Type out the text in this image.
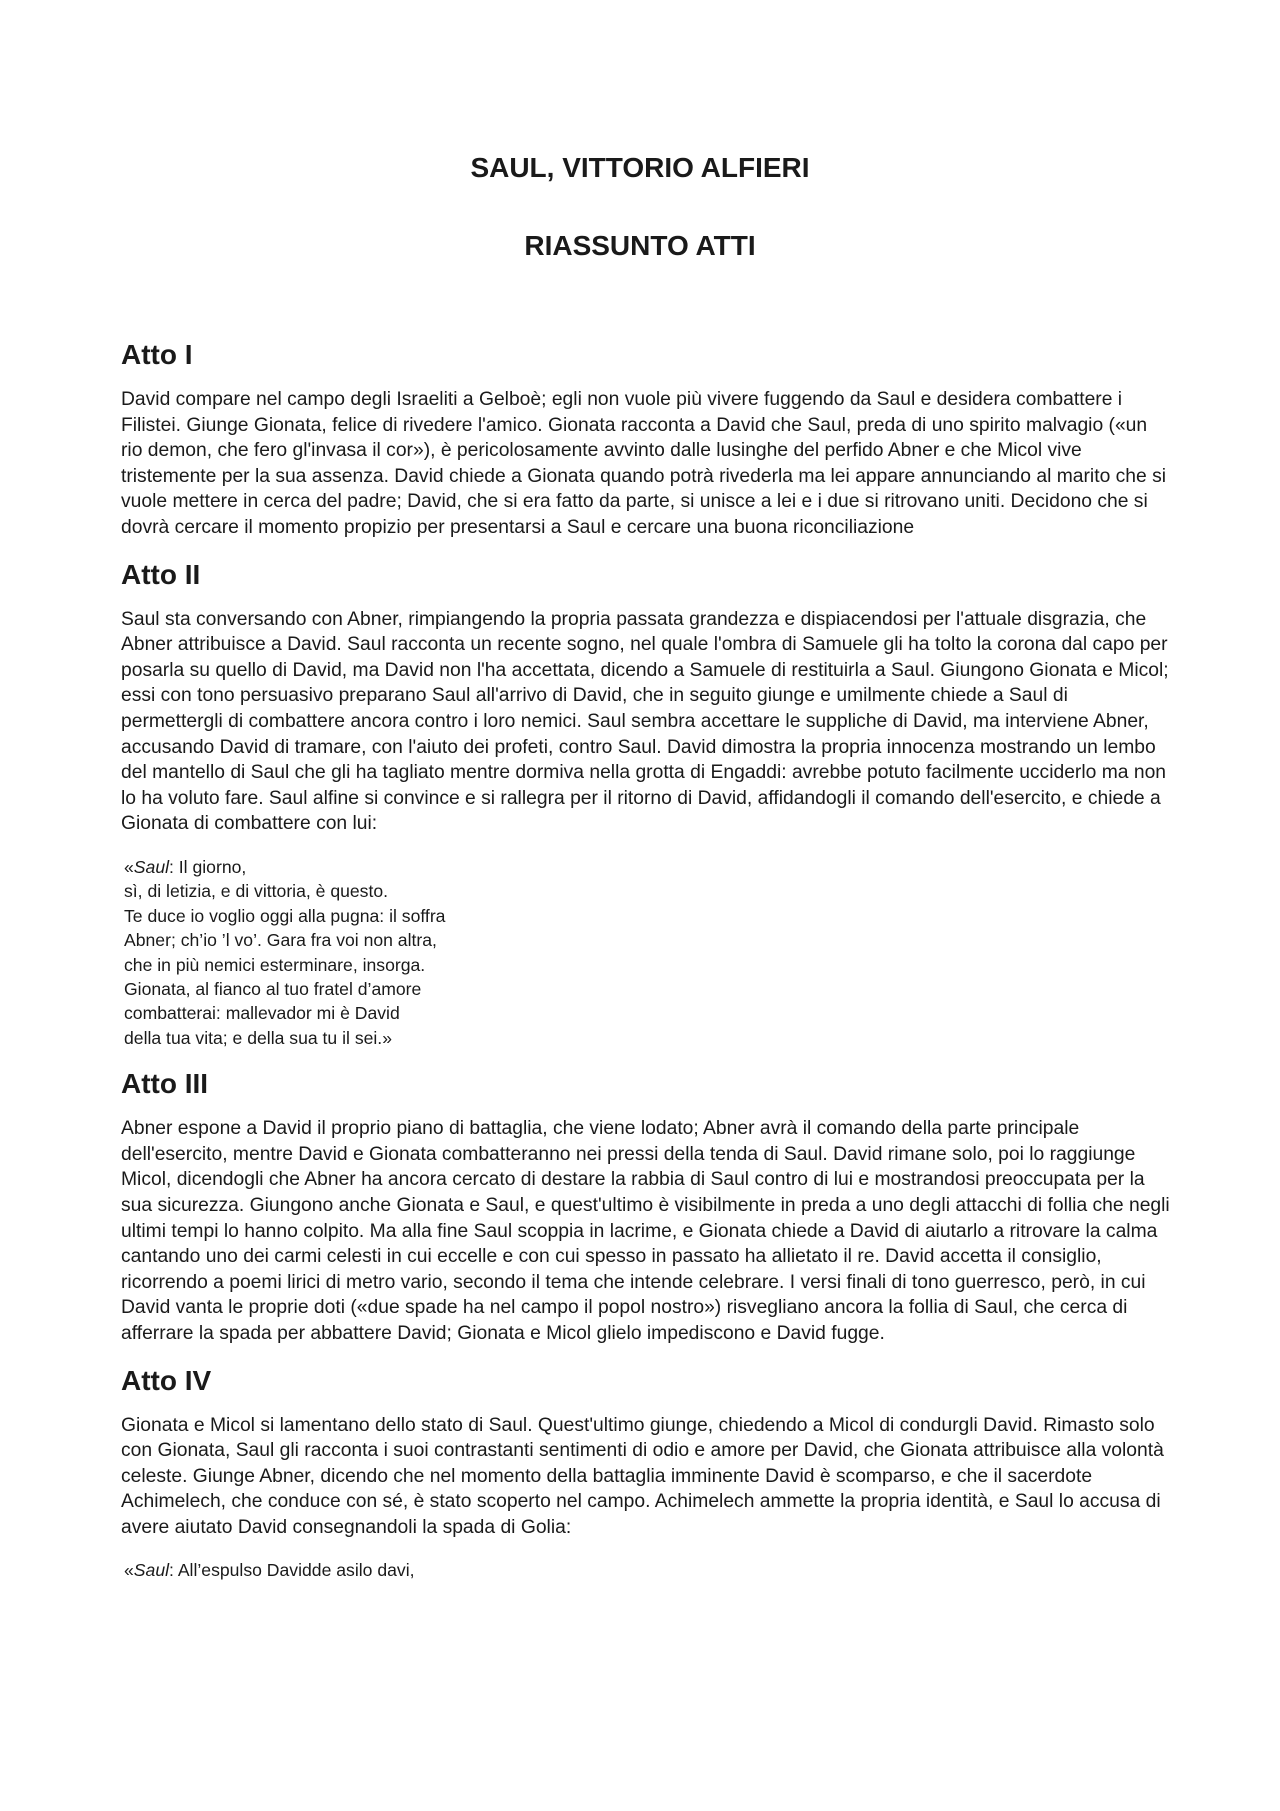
SAUL, VITTORIO ALFIERI
RIASSUNTO ATTI
Atto I

David compare nel campo degli Israeliti a Gelboè; egli non vuole più vivere fuggendo da Saul e desidera combattere i Filistei. Giunge Gionata, felice di rivedere l'amico. Gionata racconta a David che Saul, preda di uno spirito malvagio («un rio demon, che fero gl'invasa il cor»), è pericolosamente avvinto dalle lusinghe del perfido Abner e che Micol vive tristemente per la sua assenza. David chiede a Gionata quando potrà rivederla ma lei appare annunciando al marito che si vuole mettere in cerca del padre; David, che si era fatto da parte, si unisce a lei e i due si ritrovano uniti. Decidono che si dovrà cercare il momento propizio per presentarsi a Saul e cercare una buona riconciliazione

Atto II

Saul sta conversando con Abner, rimpiangendo la propria passata grandezza e dispiacendosi per l'attuale disgrazia, che Abner attribuisce a David. Saul racconta un recente sogno, nel quale l'ombra di Samuele gli ha tolto la corona dal capo per posarla su quello di David, ma David non l'ha accettata, dicendo a Samuele di restituirla a Saul. Giungono Gionata e Micol; essi con tono persuasivo preparano Saul all'arrivo di David, che in seguito giunge e umilmente chiede a Saul di permettergli di combattere ancora contro i loro nemici. Saul sembra accettare le suppliche di David, ma interviene Abner, accusando David di tramare, con l'aiuto dei profeti, contro Saul. David dimostra la propria innocenza mostrando un lembo del mantello di Saul che gli ha tagliato mentre dormiva nella grotta di Engaddi: avrebbe potuto facilmente ucciderlo ma non lo ha voluto fare. Saul alfine si convince e si rallegra per il ritorno di David, affidandogli il comando dell'esercito, e chiede a Gionata di combattere con lui:

«Saul: Il giorno,
sì, di letizia, e di vittoria, è questo.
Te duce io voglio oggi alla pugna: il soffra
Abner; ch’io ’l vo’. Gara fra voi non altra,
che in più nemici esterminare, insorga.
Gionata, al fianco al tuo fratel d’amore
combatterai: mallevador mi è David
della tua vita; e della sua tu il sei.»
Atto III

Abner espone a David il proprio piano di battaglia, che viene lodato; Abner avrà il comando della parte principale dell'esercito, mentre David e Gionata combatteranno nei pressi della tenda di Saul. David rimane solo, poi lo raggiunge Micol, dicendogli che Abner ha ancora cercato di destare la rabbia di Saul contro di lui e mostrandosi preoccupata per la sua sicurezza. Giungono anche Gionata e Saul, e quest'ultimo è visibilmente in preda a uno degli attacchi di follia che negli ultimi tempi lo hanno colpito. Ma alla fine Saul scoppia in lacrime, e Gionata chiede a David di aiutarlo a ritrovare la calma cantando uno dei carmi celesti in cui eccelle e con cui spesso in passato ha allietato il re. David accetta il consiglio, ricorrendo a poemi lirici di metro vario, secondo il tema che intende celebrare. I versi finali di tono guerresco, però, in cui David vanta le proprie doti («due spade ha nel campo il popol nostro») risvegliano ancora la follia di Saul, che cerca di afferrare la spada per abbattere David; Gionata e Micol glielo impediscono e David fugge.

Atto IV

Gionata e Micol si lamentano dello stato di Saul. Quest'ultimo giunge, chiedendo a Micol di condurgli David. Rimasto solo con Gionata, Saul gli racconta i suoi contrastanti sentimenti di odio e amore per David, che Gionata attribuisce alla volontà celeste. Giunge Abner, dicendo che nel momento della battaglia imminente David è scomparso, e che il sacerdote Achimelech, che conduce con sé, è stato scoperto nel campo. Achimelech ammette la propria identità, e Saul lo accusa di avere aiutato David consegnandoli la spada di Golia:

«Saul: All’espulso Davidde asilo davi,
